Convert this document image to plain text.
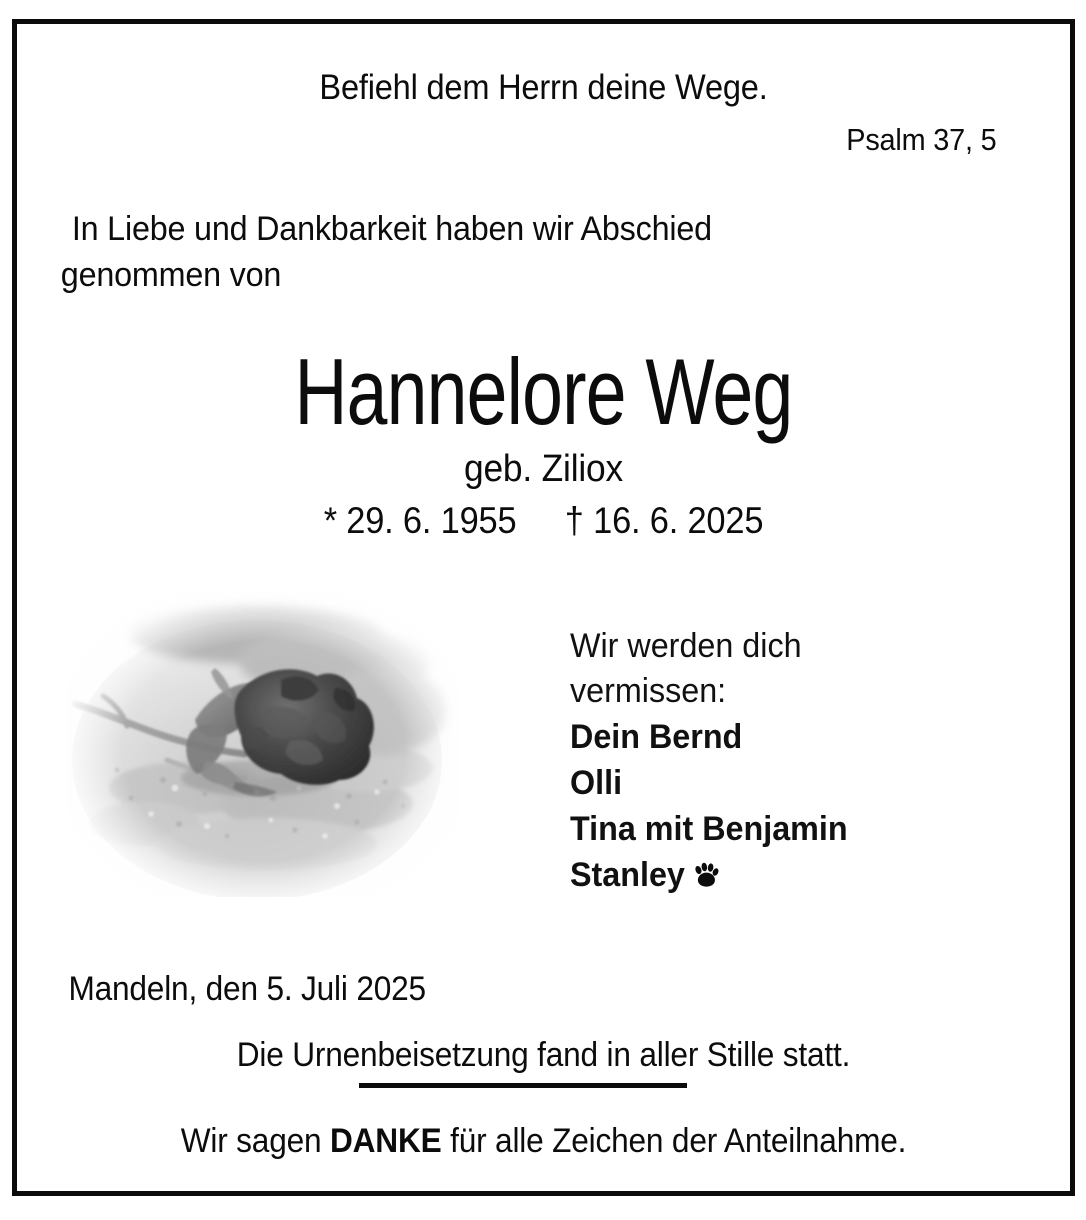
Befiehl dem Herrn deine Wege.
Psalm 37, 5
In Liebe und Dankbarkeit haben wir Abschied
genommen von
Hannelore Weg
geb. Ziliox
* 29. 6. 1955 † 16. 6. 2025
Wir werden dich
vermissen:
Dein Bernd
Olli
Tina mit Benjamin
Stanley
Mandeln, den 5. Juli 2025
Die Urnenbeisetzung fand in aller Stille statt.
Wir sagen DANKE für alle Zeichen der Anteilnahme.
